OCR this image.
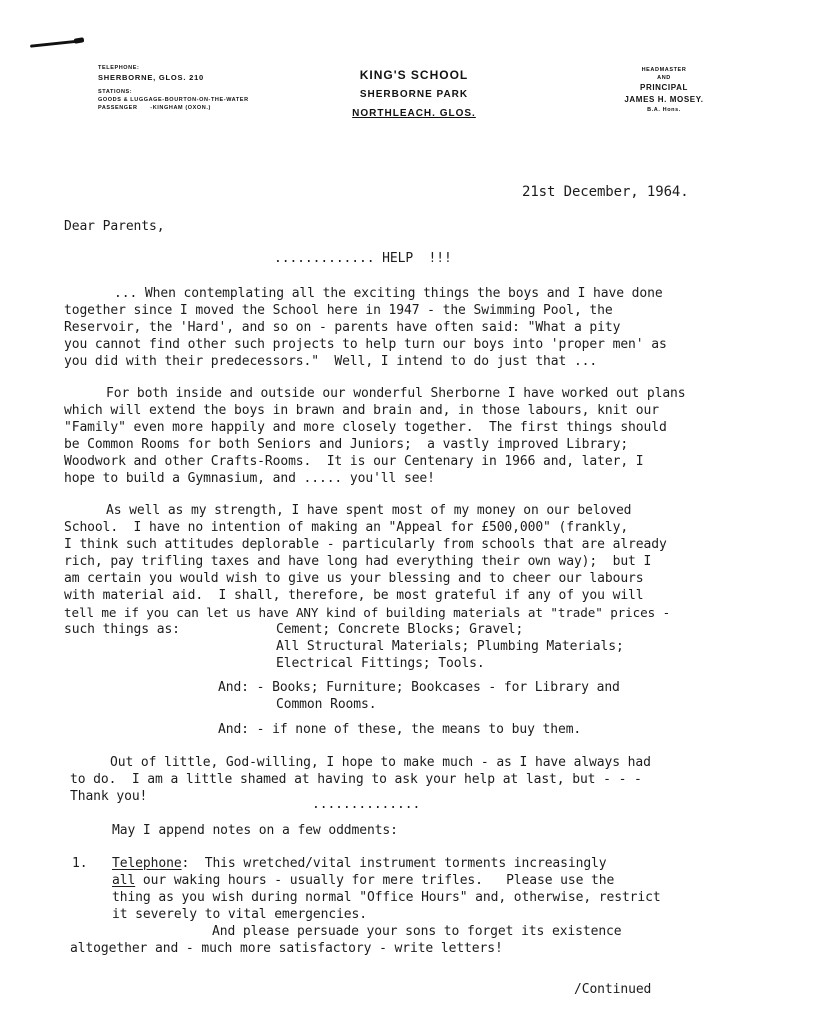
TELEPHONE:
SHERBORNE, GLOS. 210
STATIONS:
GOODS & LUGGAGE-BOURTON-ON-THE-WATER
PASSENGER      -KINGHAM (OXON.)
KING'S SCHOOL
SHERBORNE PARK
NORTHLEACH. GLOS.
HEADMASTER
AND
PRINCIPAL
JAMES H. MOSEY.
B.A. Hons.
21st December, 1964.
Dear Parents,
............. HELP  !!!
... When contemplating all the exciting things the boys and I have done
together since I moved the School here in 1947 - the Swimming Pool, the
Reservoir, the 'Hard', and so on - parents have often said: "What a pity
you cannot find other such projects to help turn our boys into 'proper men' as
you did with their predecessors."  Well, I intend to do just that ...
For both inside and outside our wonderful Sherborne I have worked out plans
which will extend the boys in brawn and brain and, in those labours, knit our
"Family" even more happily and more closely together.  The first things should
be Common Rooms for both Seniors and Juniors;  a vastly improved Library;
Woodwork and other Crafts-Rooms.  It is our Centenary in 1966 and, later, I
hope to build a Gymnasium, and ..... you'll see!
As well as my strength, I have spent most of my money on our beloved
School.  I have no intention of making an "Appeal for £500,000" (frankly,
I think such attitudes deplorable - particularly from schools that are already
rich, pay trifling taxes and have long had everything their own way);  but I
am certain you would wish to give us your blessing and to cheer our labours
with material aid.  I shall, therefore, be most grateful if any of you will
tell me if you can let us have ANY kind of building materials at "trade" prices -
such things as:	Cement; Concrete Blocks; Gravel;
All Structural Materials; Plumbing Materials;
Electrical Fittings; Tools.
And: - Books; Furniture; Bookcases - for Library and
Common Rooms.
And: - if none of these, the means to buy them.
Out of little, God-willing, I hope to make much - as I have always had
to do.  I am a little shamed at having to ask your help at last, but - - -
Thank you!
..............
May I append notes on a few oddments:
1. Telephone:  This wretched/vital instrument torments increasingly
all our waking hours - usually for mere trifles.   Please use the
thing as you wish during normal "Office Hours" and, otherwise, restrict
it severely to vital emergencies.
And please persuade your sons to forget its existence
altogether and - much more satisfactory - write letters!
/Continued
